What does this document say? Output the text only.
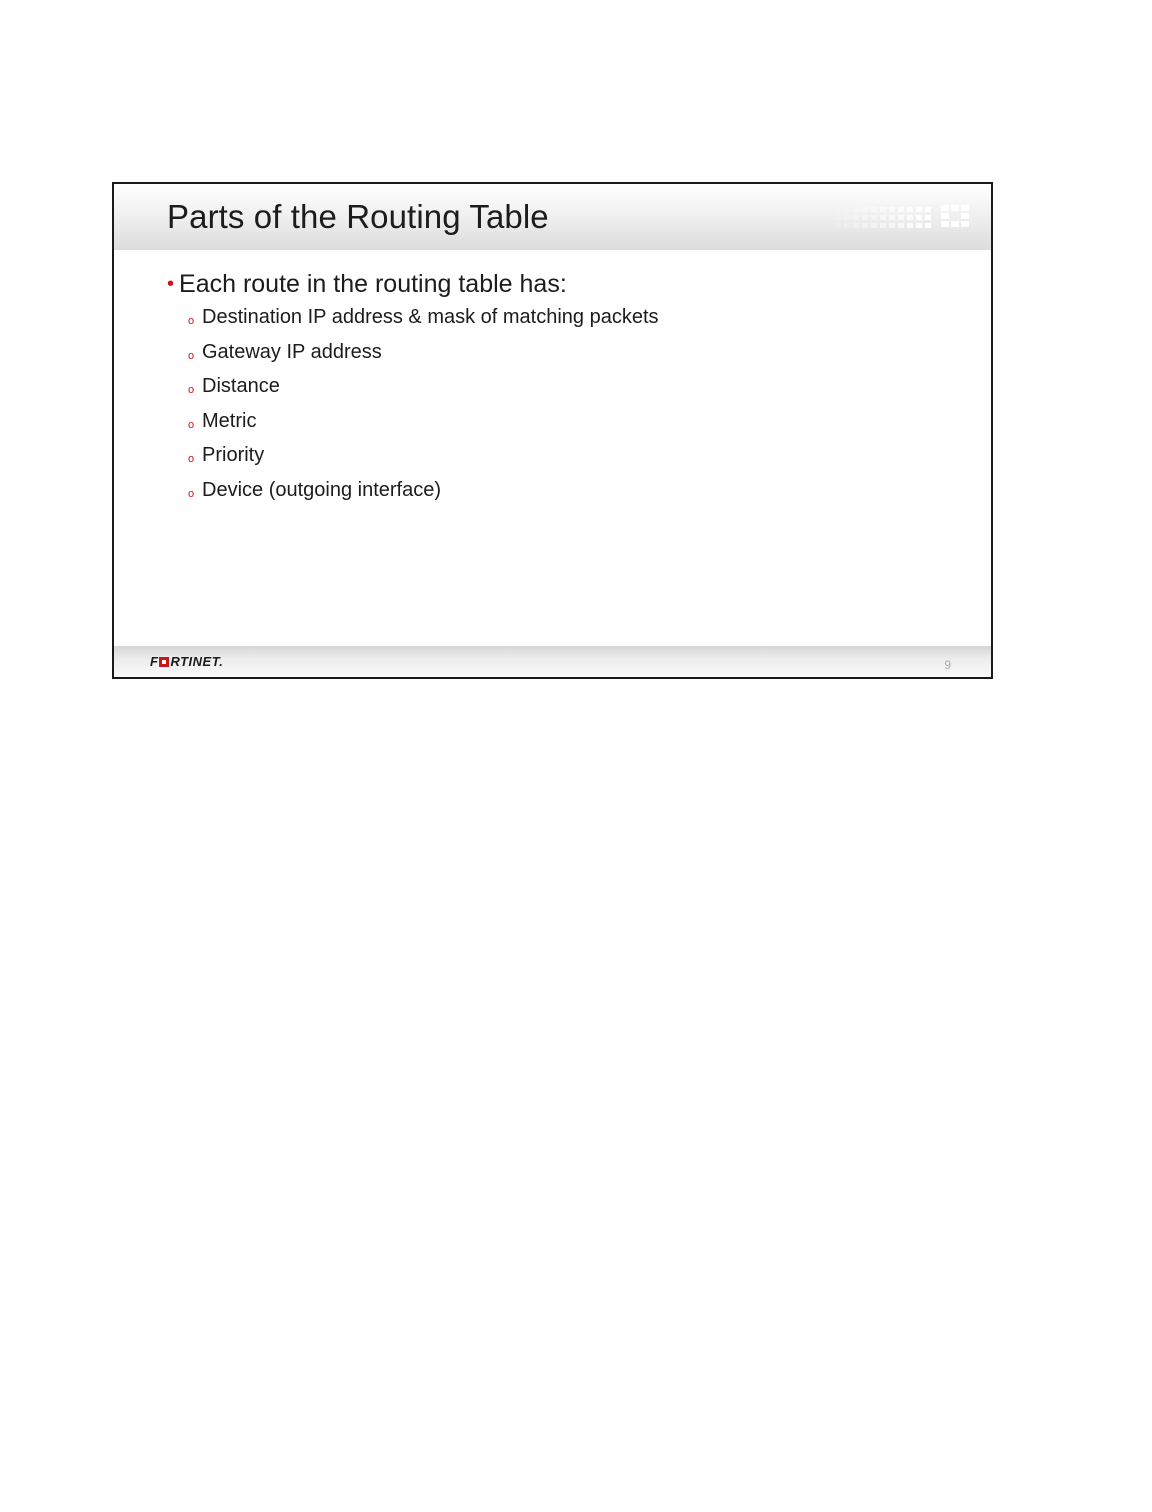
Parts of the Routing Table
• Each route in the routing table has:
o Destination IP address & mask of matching packets
o Gateway IP address
o Distance
o Metric
o Priority
o Device (outgoing interface)
F RTINET.	9
